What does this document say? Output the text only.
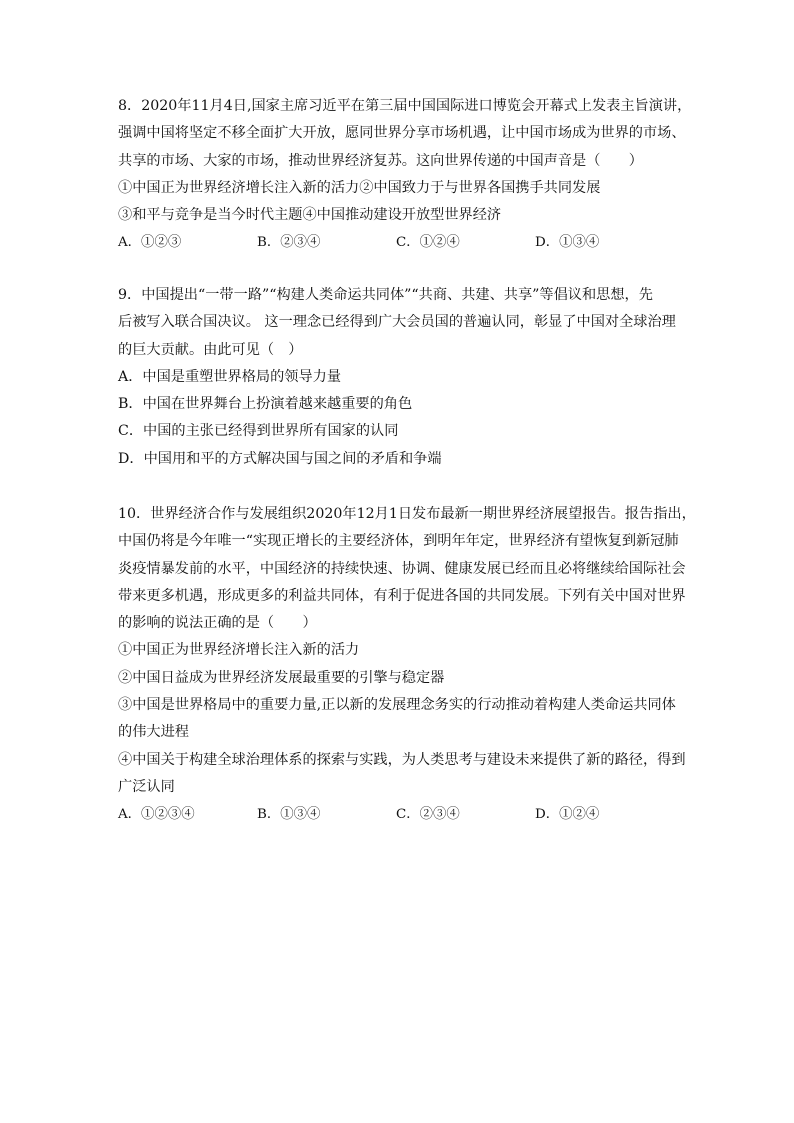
8．2020年11月4日,国家主席习近平在第三届中国国际进口博览会开幕式上发表主旨演讲，
强调中国将坚定不移全面扩大开放，愿同世界分享市场机遇，让中国市场成为世界的市场、
共享的市场、大家的市场，推动世界经济复苏。这向世界传递的中国声音是（　　）
①中国正为世界经济增长注入新的活力②中国致力于与世界各国携手共同发展
③和平与竞争是当今时代主题④中国推动建设开放型世界经济
A．①②③	B．②③④	C．①②④	D．①③④
9．中国提出“一带一路”“构建人类命运共同体”“共商、共建、共享”等倡议和思想，先
后被写入联合国决议。 这一理念已经得到广大会员国的普遍认同，彰显了中国对全球治理
的巨大贡献。由此可见（　）
A．中国是重塑世界格局的领导力量
B．中国在世界舞台上扮演着越来越重要的角色
C．中国的主张已经得到世界所有国家的认同
D．中国用和平的方式解决国与国之间的矛盾和争端
10．世界经济合作与发展组织2020年12月1日发布最新一期世界经济展望报告。报告指出，
中国仍将是今年唯一“实现正增长的主要经济体，到明年年定，世界经济有望恢复到新冠肺
炎疫情暴发前的水平，中国经济的持续快速、协调、健康发展已经而且必将继续给国际社会
带来更多机遇，形成更多的利益共同体，有利于促进各国的共同发展。下列有关中国对世界
的影响的说法正确的是（　　）
①中国正为世界经济增长注入新的活力
②中国日益成为世界经济发展最重要的引擎与稳定器
③中国是世界格局中的重要力量,正以新的发展理念务实的行动推动着构建人类命运共同体
的伟大进程
④中国关于构建全球治理体系的探索与实践，为人类思考与建设未来提供了新的路径，得到
广泛认同
A．①②③④	B．①③④	C．②③④	D．①②④
